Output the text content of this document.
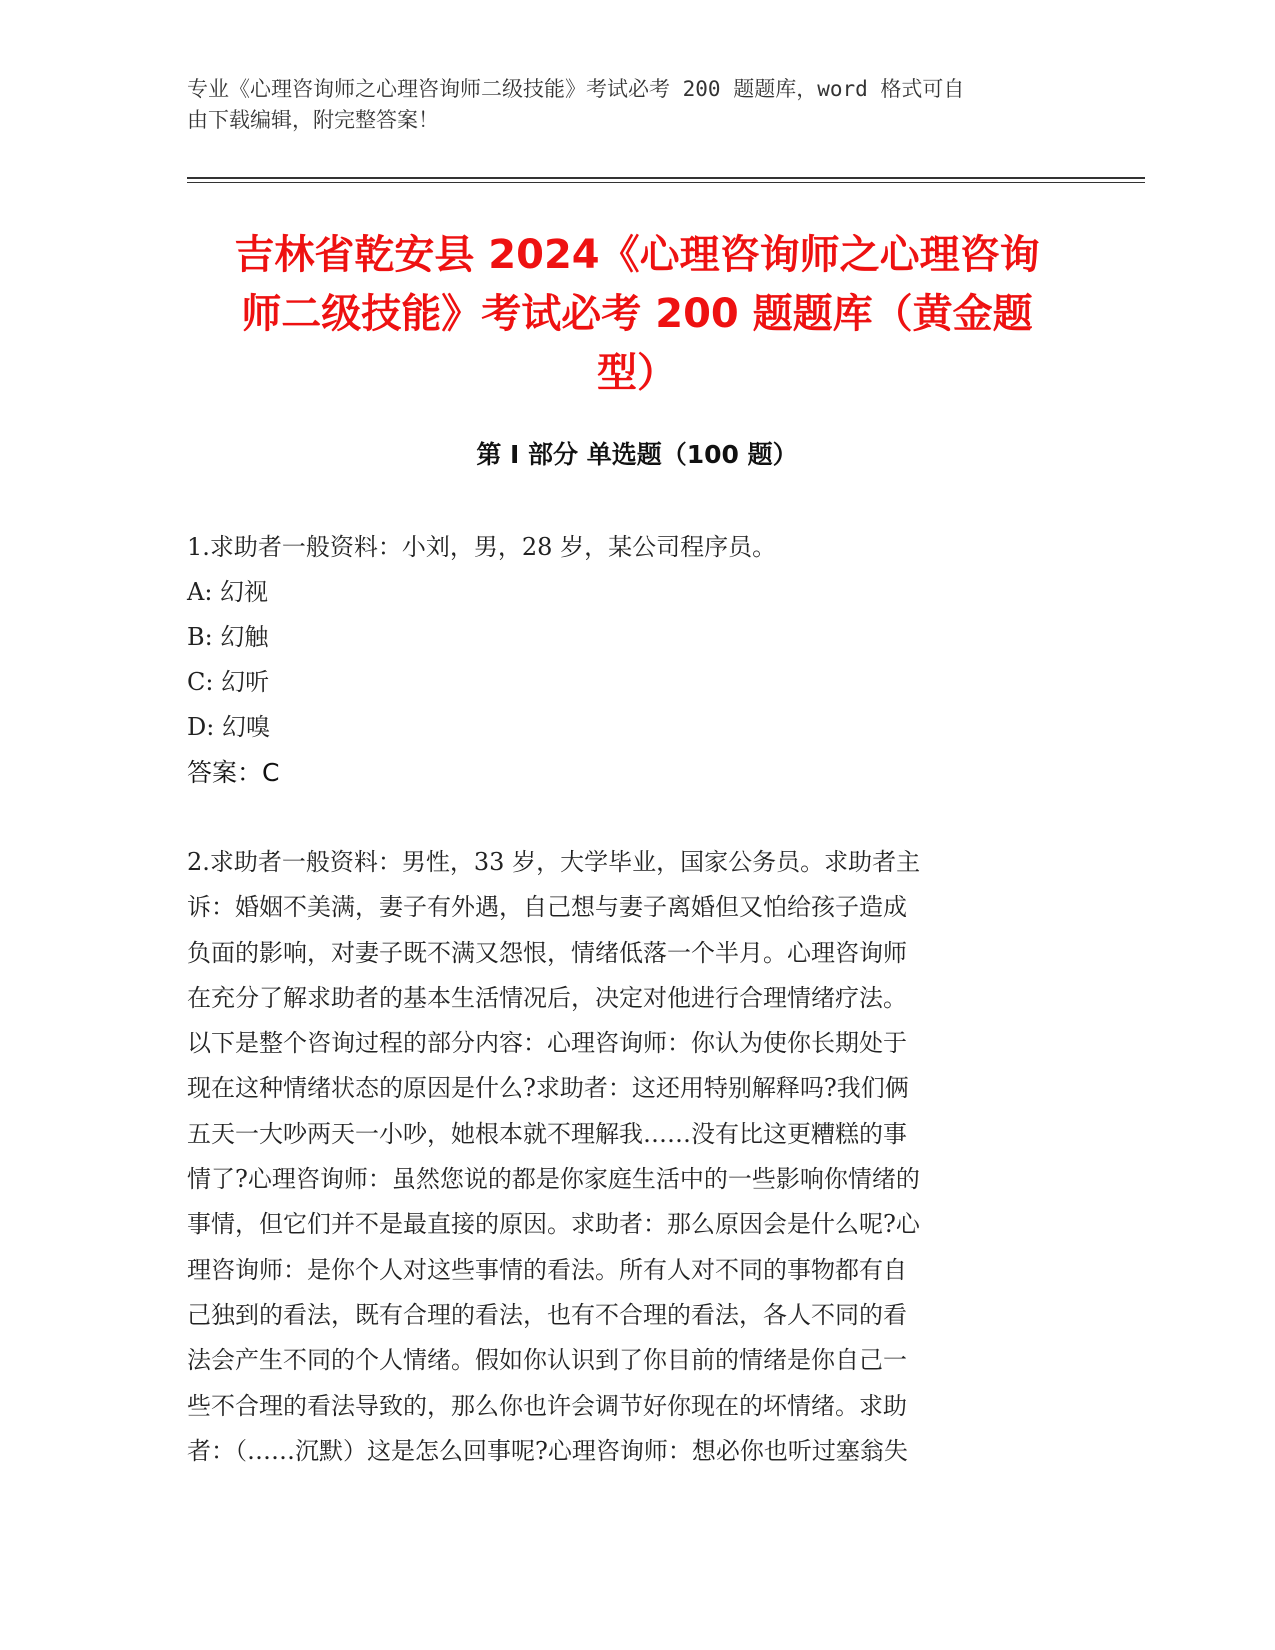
专业《心理咨询师之心理咨询师二级技能》考试必考 200 题题库，word 格式可自
由下载编辑，附完整答案！
吉林省乾安县 2024《心理咨询师之心理咨询
师二级技能》考试必考 200 题题库（黄金题
型）
第 I 部分 单选题（100 题）
1.求助者一般资料：小刘，男，28 岁，某公司程序员。
A: 幻视
B: 幻触
C: 幻听
D: 幻嗅
答案：C
2.求助者一般资料：男性，33 岁，大学毕业，国家公务员。求助者主
诉：婚姻不美满，妻子有外遇，自己想与妻子离婚但又怕给孩子造成
负面的影响，对妻子既不满又怨恨，情绪低落一个半月。心理咨询师
在充分了解求助者的基本生活情况后，决定对他进行合理情绪疗法。
以下是整个咨询过程的部分内容：心理咨询师：你认为使你长期处于
现在这种情绪状态的原因是什么?求助者：这还用特别解释吗?我们俩
五天一大吵两天一小吵，她根本就不理解我……没有比这更糟糕的事
情了?心理咨询师：虽然您说的都是你家庭生活中的一些影响你情绪的
事情，但它们并不是最直接的原因。求助者：那么原因会是什么呢?心
理咨询师：是你个人对这些事情的看法。所有人对不同的事物都有自
己独到的看法，既有合理的看法，也有不合理的看法，各人不同的看
法会产生不同的个人情绪。假如你认识到了你目前的情绪是你自己一
些不合理的看法导致的，那么你也许会调节好你现在的坏情绪。求助
者：（……沉默）这是怎么回事呢?心理咨询师：想必你也听过塞翁失
